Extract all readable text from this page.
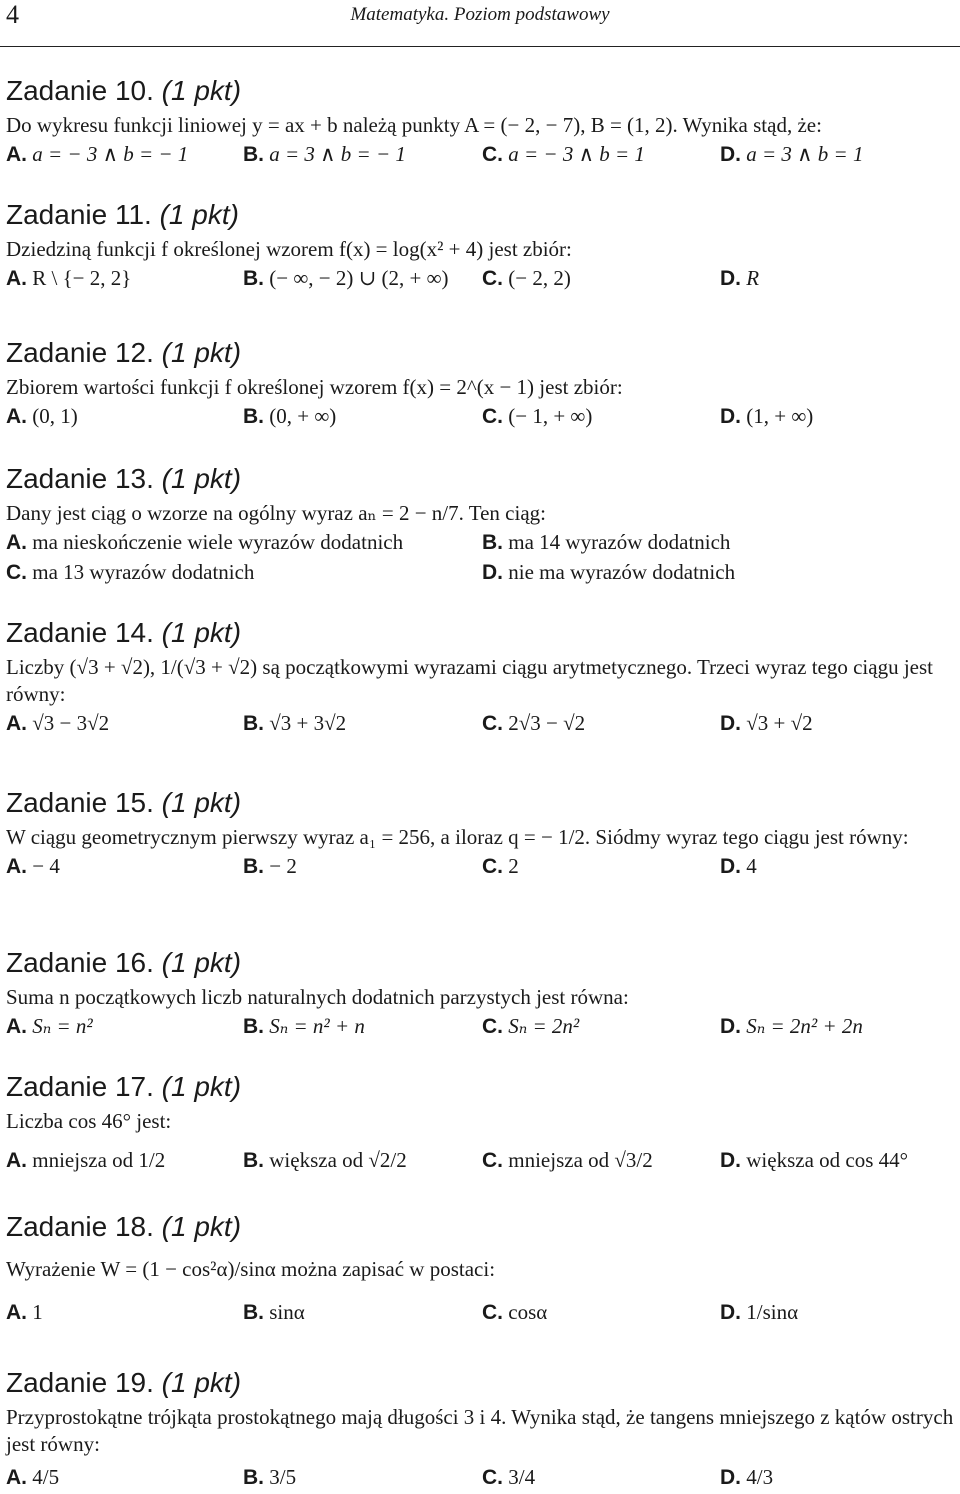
4	Matematyka. Poziom podstawowy
Zadanie 10. (1 pkt)
Do wykresu funkcji liniowej y = ax + b należą punkty A = (− 2, − 7), B = (1, 2). Wynika stąd, że:
A. a = − 3 ∧ b = − 1	B. a = 3 ∧ b = − 1	C. a = − 3 ∧ b = 1	D. a = 3 ∧ b = 1
Zadanie 11. (1 pkt)
Dziedziną funkcji f określonej wzorem f(x) = log(x² + 4) jest zbiór:
A. R \ {− 2, 2}	B. (− ∞, − 2) ∪ (2, + ∞) C. (− 2, 2)	D. R
Zadanie 12. (1 pkt)
Zbiorem wartości funkcji f określonej wzorem f(x) = 2^(x − 1) jest zbiór:
A. (0, 1)	B. (0, + ∞)	C. (− 1, + ∞)	D. (1, + ∞)
Zadanie 13. (1 pkt)
Dany jest ciąg o wzorze na ogólny wyraz aₙ = 2 − n/7. Ten ciąg:
A. ma nieskończenie wiele wyrazów dodatnich	B. ma 14 wyrazów dodatnich
C. ma 13 wyrazów dodatnich	D. nie ma wyrazów dodatnich
Zadanie 14. (1 pkt)
Liczby (√3 + √2), 1/(√3 + √2) są początkowymi wyrazami ciągu arytmetycznego. Trzeci wyraz tego ciągu jest równy:
A. √3 − 3√2	B. √3 + 3√2	C. 2√3 − √2	D. √3 + √2
Zadanie 15. (1 pkt)
W ciągu geometrycznym pierwszy wyraz a₁ = 256, a iloraz q = − 1/2. Siódmy wyraz tego ciągu jest równy:
A. − 4	B. − 2	C. 2	D. 4
Zadanie 16. (1 pkt)
Suma n początkowych liczb naturalnych dodatnich parzystych jest równa:
A. Sₙ = n²	B. Sₙ = n² + n	C. Sₙ = 2n²	D. Sₙ = 2n² + 2n
Zadanie 17. (1 pkt)
Liczba cos 46° jest:
A. mniejsza od 1/2	B. większa od √2/2	C. mniejsza od √3/2	D. większa od cos 44°
Zadanie 18. (1 pkt)
Wyrażenie W = (1 − cos²α)/sinα można zapisać w postaci:
A. 1	B. sinα	C. cosα	D. 1/sinα
Zadanie 19. (1 pkt)
Przyprostokątne trójkąta prostokątnego mają długości 3 i 4. Wynika stąd, że tangens mniejszego z kątów ostrych jest równy:
A. 4/5	B. 3/5	C. 3/4	D. 4/3
